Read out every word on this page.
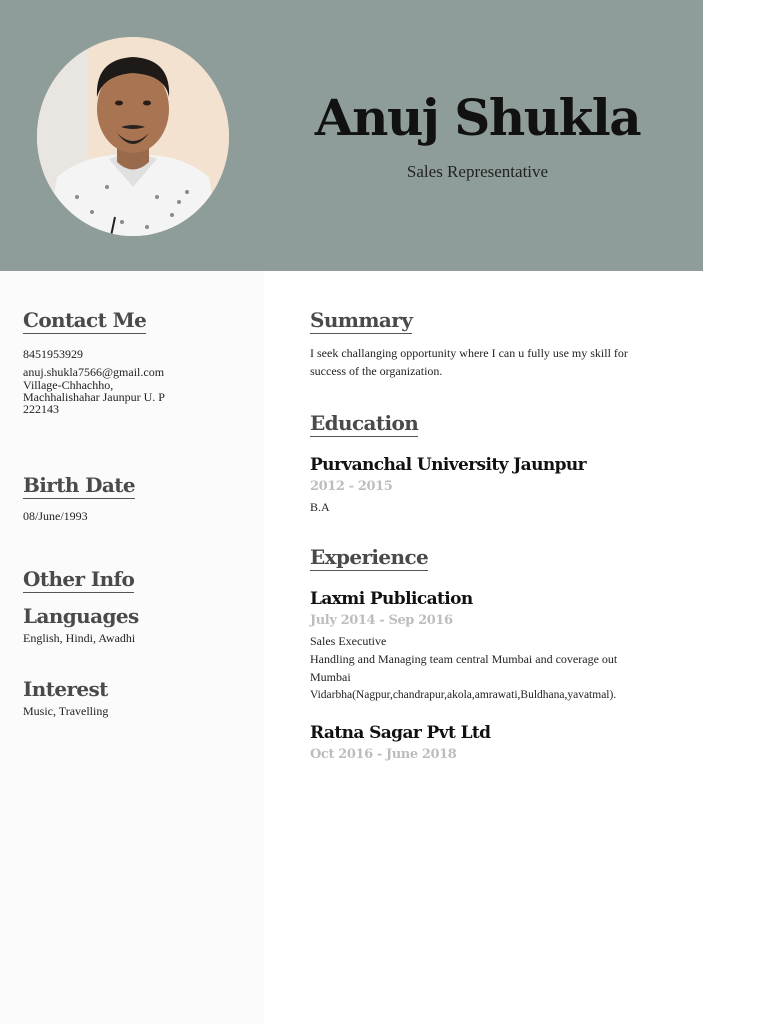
Anuj Shukla
Sales Representative
Contact Me
8451953929
anuj.shukla7566@gmail.com
Village-Chhachho,
Machhalishahar Jaunpur U. P
222143
Birth Date
08/June/1993
Other Info
Languages
English, Hindi, Awadhi
Interest
Music, Travelling
Summary
I seek challanging opportunity where I can u fully use my skill for
success of the organization.
Education
Purvanchal University Jaunpur
2012 - 2015
B.A
Experience
Laxmi Publication
July 2014 - Sep 2016
Sales Executive
Handling and Managing team central Mumbai and coverage out
Mumbai
Vidarbha(Nagpur,chandrapur,akola,amrawati,Buldhana,yavatmal).
Ratna Sagar Pvt Ltd
Oct 2016 - June 2018
